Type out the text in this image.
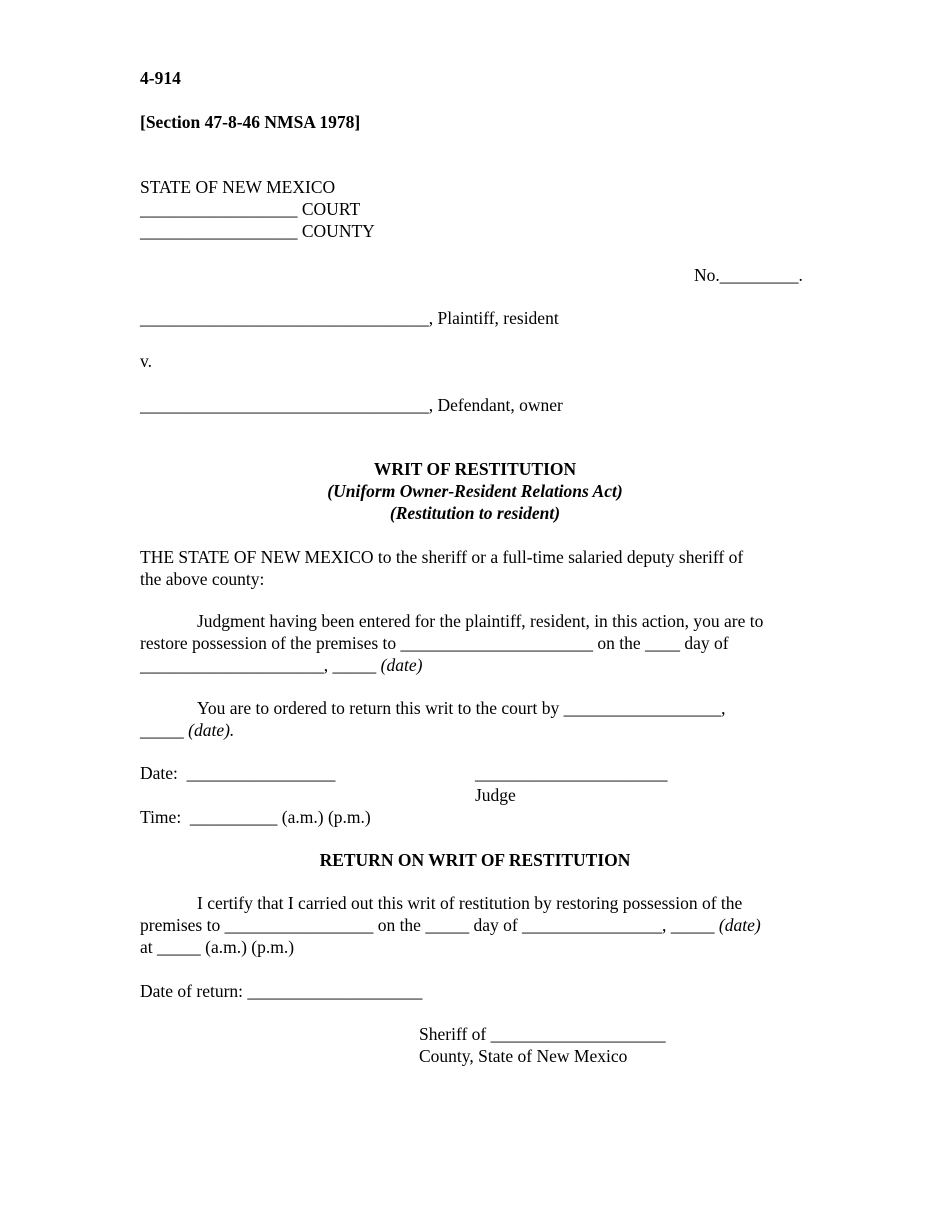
4-914
[Section 47-8-46 NMSA 1978]
STATE OF NEW MEXICO
__________________ COURT
__________________ COUNTY
No._________.
_________________________________, Plaintiff, resident
v.
_________________________________, Defendant, owner
WRIT OF RESTITUTION
(Uniform Owner-Resident Relations Act)
(Restitution to resident)
THE STATE OF NEW MEXICO to the sheriff or a full-time salaried deputy sheriff of
the above county:
Judgment having been entered for the plaintiff, resident, in this action, you are to
restore possession of the premises to ______________________ on the ____ day of
_____________________, _____ (date)
You are to ordered to return this writ to the court by __________________,
_____ (date).
Date:  _________________	______________________
Judge
Time:  __________ (a.m.) (p.m.)
RETURN ON WRIT OF RESTITUTION
I certify that I carried out this writ of restitution by restoring possession of the
premises to _________________ on the _____ day of ________________, _____ (date)
at _____ (a.m.) (p.m.)
Date of return: ____________________
Sheriff of ____________________
County, State of New Mexico
